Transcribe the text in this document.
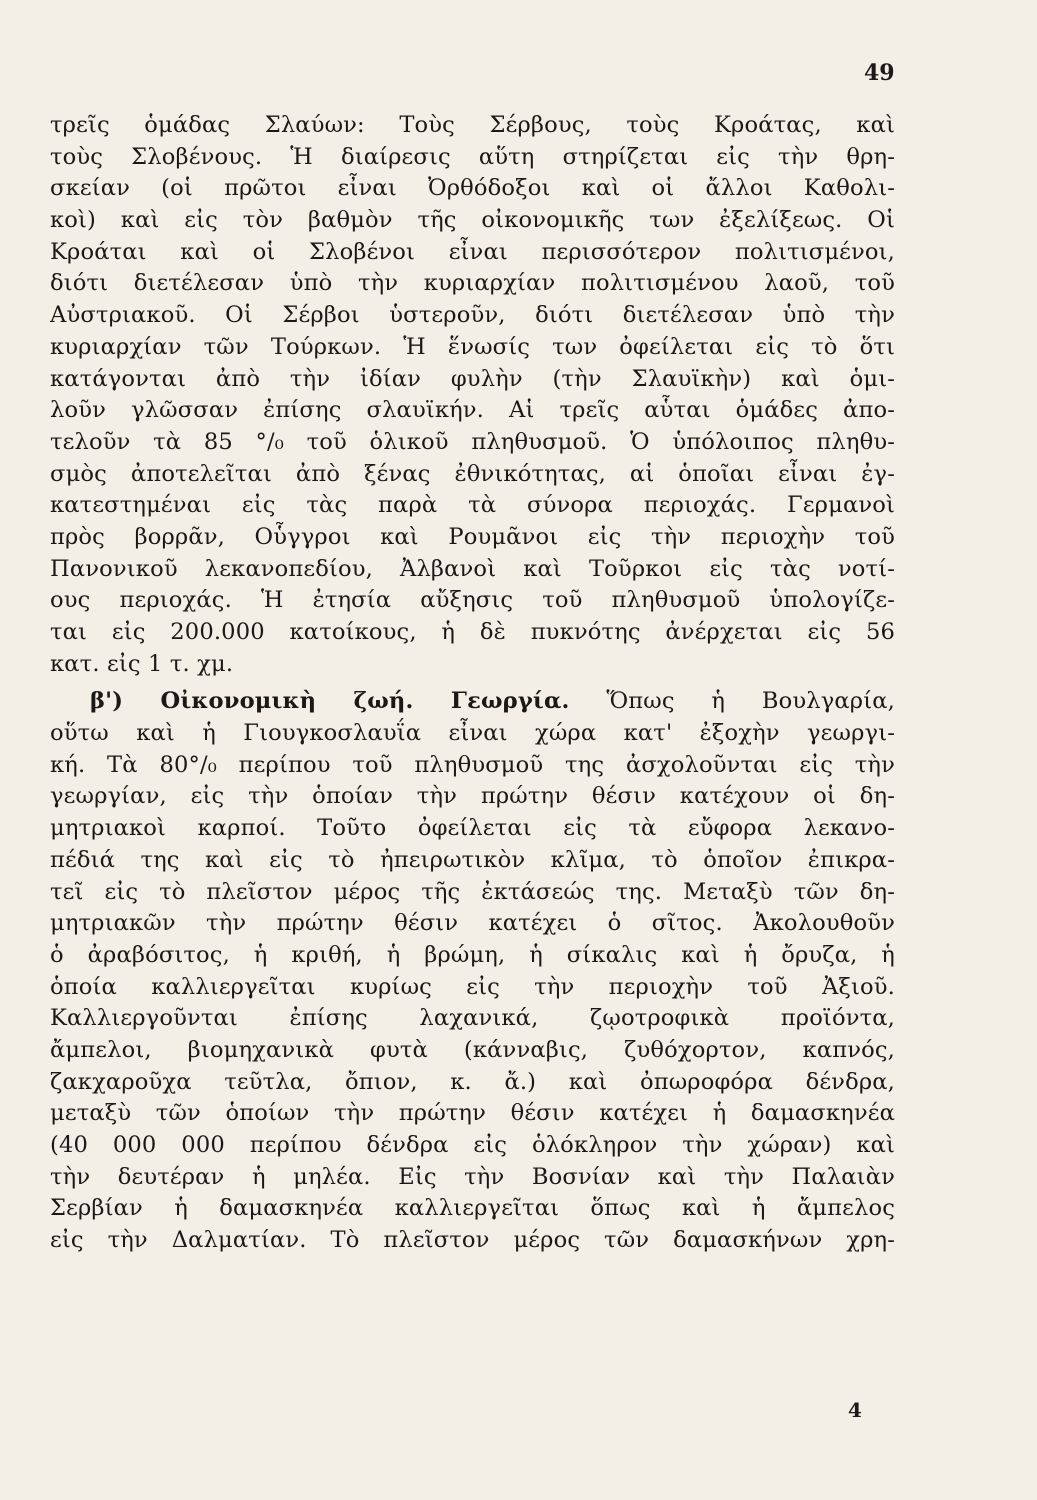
49
τρεῖς ὁμάδας Σλαύων: Τοὺς Σέρβους, τοὺς Κροάτας, καὶ
τοὺς Σλοβένους. Ἡ διαίρεσις αὕτη στηρίζεται εἰς τὴν θρη-
σκείαν (οἱ πρῶτοι εἶναι Ὀρθόδοξοι καὶ οἱ ἄλλοι Καθολι-
κοὶ) καὶ εἰς τὸν βαθμὸν τῆς οἰκονομικῆς των ἐξελίξεως. Οἱ
Κροάται καὶ οἱ Σλοβένοι εἶναι περισσότερον πολιτισμένοι,
διότι διετέλεσαν ὑπὸ τὴν κυριαρχίαν πολιτισμένου λαοῦ, τοῦ
Αὐστριακοῦ. Οἱ Σέρβοι ὑστεροῦν, διότι διετέλεσαν ὑπὸ τὴν
κυριαρχίαν τῶν Τούρκων. Ἡ ἕνωσίς των ὀφείλεται εἰς τὸ ὅτι
κατάγονται ἀπὸ τὴν ἰδίαν φυλὴν (τὴν Σλαυϊκὴν) καὶ ὁμι-
λοῦν γλῶσσαν ἐπίσης σλαυϊκήν. Αἱ τρεῖς αὗται ὁμάδες ἀπο-
τελοῦν τὰ 85 °/₀ τοῦ ὁλικοῦ πληθυσμοῦ. Ὁ ὑπόλοιπος πληθυ-
σμὸς ἀποτελεῖται ἀπὸ ξένας ἐθνικότητας, αἱ ὁποῖαι εἶναι ἐγ-
κατεστημέναι εἰς τὰς παρὰ τὰ σύνορα περιοχάς. Γερμανοὶ
πρὸς βορρᾶν, Οὗγγροι καὶ Ρουμᾶνοι εἰς τὴν περιοχὴν τοῦ
Πανονικοῦ λεκανοπεδίου, Ἀλβανοὶ καὶ Τοῦρκοι εἰς τὰς νοτί-
ους περιοχάς. Ἡ ἐτησία αὔξησις τοῦ πληθυσμοῦ ὑπολογίζε-
ται εἰς 200.000 κατοίκους, ἡ δὲ πυκνότης ἀνέρχεται εἰς 56
κατ. εἰς 1 τ. χμ.
β') Οἰκονομικὴ ζωή. Γεωργία. Ὅπως ἡ Βουλγαρία,
οὕτω καὶ ἡ Γιουγκοσλαυΐα εἶναι χώρα κατ' ἐξοχὴν γεωργι-
κή. Τὰ 80°/₀ περίπου τοῦ πληθυσμοῦ της ἀσχολοῦνται εἰς τὴν
γεωργίαν, εἰς τὴν ὁποίαν τὴν πρώτην θέσιν κατέχουν οἱ δη-
μητριακοὶ καρποί. Τοῦτο ὀφείλεται εἰς τὰ εὔφορα λεκανο-
πέδιά της καὶ εἰς τὸ ἠπειρωτικὸν κλῖμα, τὸ ὁποῖον ἐπικρα-
τεῖ εἰς τὸ πλεῖστον μέρος τῆς ἐκτάσεώς της. Μεταξὺ τῶν δη-
μητριακῶν τὴν πρώτην θέσιν κατέχει ὁ σῖτος. Ἀκολουθοῦν
ὁ ἀραβόσιτος, ἡ κριθή, ἡ βρώμη, ἡ σίκαλις καὶ ἡ ὄρυζα, ἡ
ὁποία καλλιεργεῖται κυρίως εἰς τὴν περιοχὴν τοῦ Ἀξιοῦ.
Καλλιεργοῦνται ἐπίσης λαχανικά, ζῳοτροφικὰ προϊόντα,
ἄμπελοι, βιομηχανικὰ φυτὰ (κάνναβις, ζυθόχορτον, καπνός,
ζακχαροῦχα τεῦτλα, ὄπιον, κ. ἄ.) καὶ ὀπωροφόρα δένδρα,
μεταξὺ τῶν ὁποίων τὴν πρώτην θέσιν κατέχει ἡ δαμασκηνέα
(40 000 000 περίπου δένδρα εἰς ὁλόκληρον τὴν χώραν) καὶ
τὴν δευτέραν ἡ μηλέα. Εἰς τὴν Βοσνίαν καὶ τὴν Παλαιὰν
Σερβίαν ἡ δαμασκηνέα καλλιεργεῖται ὅπως καὶ ἡ ἄμπελος
εἰς τὴν Δαλματίαν. Τὸ πλεῖστον μέρος τῶν δαμασκήνων χρη-
4
